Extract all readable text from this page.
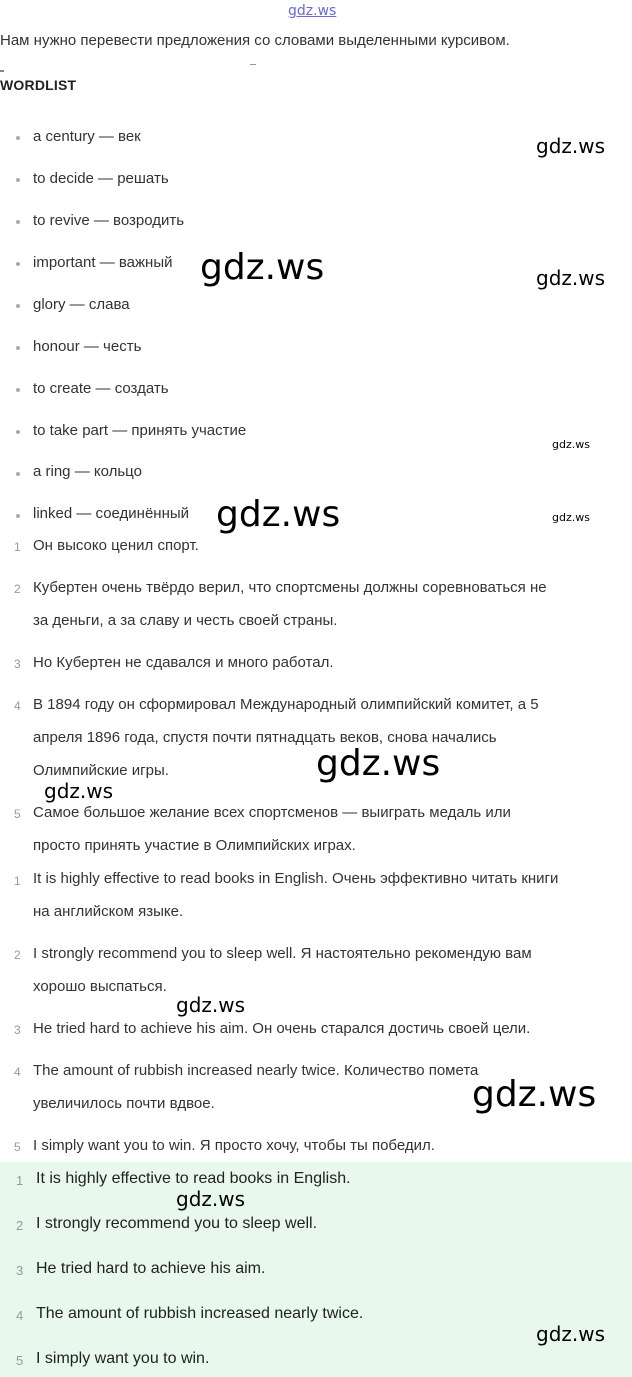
gdz.ws
Нам нужно перевести предложения со словами выделенными курсивом.
WORDLIST
a century — век
to decide — решать
to revive — возродить
important — важный
glory — слава
honour — честь
to create — создать
to take part — принять участие
a ring — кольцо
linked — соединённый
1 Он высоко ценил спорт.
2 Кубертен очень твёрдо верил, что спортсмены должны соревноваться не
за деньги, а за славу и честь своей страны.
3 Но Кубертен не сдавался и много работал.
4 В 1894 году он сформировал Международный олимпийский комитет, а 5
апреля 1896 года, спустя почти пятнадцать веков, снова начались
Олимпийские игры.
5 Самое большое желание всех спортсменов — выиграть медаль или
просто принять участие в Олимпийских играх.
1 It is highly effective to read books in English. Очень эффективно читать книги
на английском языке.
2 I strongly recommend you to sleep well. Я настоятельно рекомендую вам
хорошо выспаться.
3 He tried hard to achieve his aim. Он очень старался достичь своей цели.
4 The amount of rubbish increased nearly twice. Количество помета
увеличилось почти вдвое.
5 I simply want you to win. Я просто хочу, чтобы ты победил.
1 It is highly effective to read books in English.
2 I strongly recommend you to sleep well.
3 He tried hard to achieve his aim.
4 The amount of rubbish increased nearly twice.
5 I simply want you to win.
gdz.ws
gdz.ws	gdz.ws
gdz.ws
gdz.ws	gdz.ws
gdz.ws
gdz.ws
gdz.ws
gdz.ws
gdz.ws
gdz.ws
